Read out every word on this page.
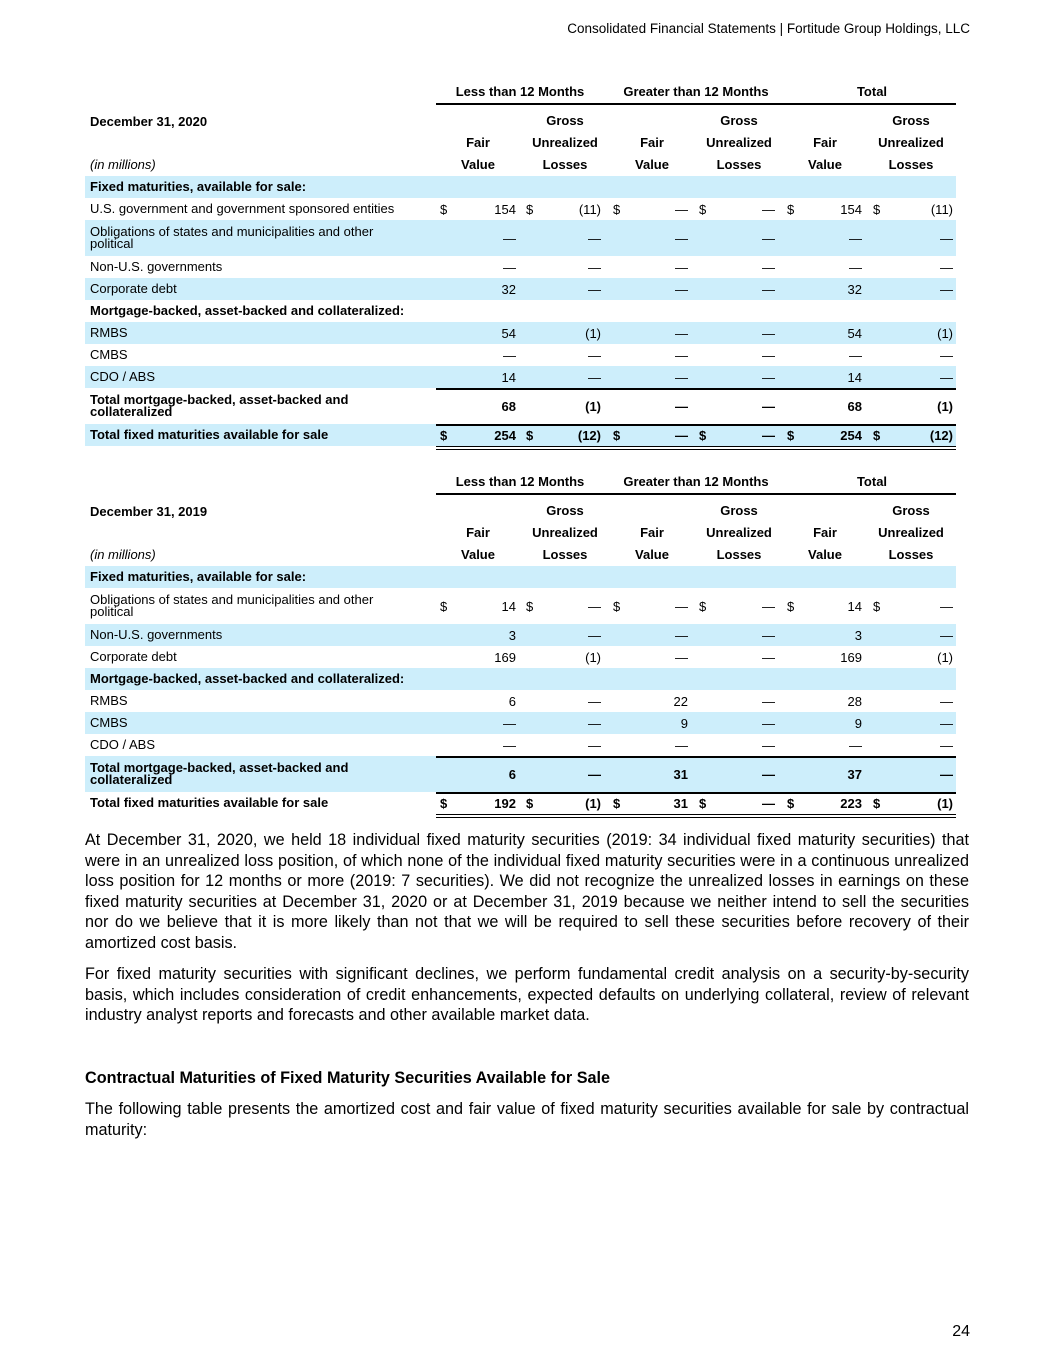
Consolidated Financial Statements | Fortitude Group Holdings, LLC
Less than 12 Months	Greater than 12 Months	Total
December 31, 2020
(in millions)
Fair
Value
Gross
Unrealized
Losses
Fair
Value
Gross
Unrealized
Losses
Fair
Value
Gross
Unrealized
Losses
Fixed maturities, available for sale:
U.S. government and government sponsored entities	$	154 $	(11) $	— $	— $	154 $	(11)
Obligations of states and municipalities and other political	—	—	—	—	—	—
Non-U.S. governments	—	—	—	—	—	—
Corporate debt	32	—	—	—	32	—
Mortgage-backed, asset-backed and collateralized:
RMBS	54	(1)	—	—	54	(1)
CMBS	—	—	—	—	—	—
CDO / ABS	14	—	—	—	14	—
Total mortgage-backed, asset-backed and collateralized	68	(1)	—	—	68	(1)
Total fixed maturities available for sale	$	254 $	(12) $	— $	— $	254 $	(12)
Less than 12 Months	Greater than 12 Months	Total
December 31, 2019
(in millions)
Fair
Value
Gross
Unrealized
Losses
Fair
Value
Gross
Unrealized
Losses
Fair
Value
Gross
Unrealized
Losses
Fixed maturities, available for sale:
Obligations of states and municipalities and other political	$	14 $	— $	— $	— $	14 $	—
Non-U.S. governments	3	—	—	—	3	—
Corporate debt	169	(1)	—	—	169	(1)
Mortgage-backed, asset-backed and collateralized:
RMBS	6	—	22	—	28	—
CMBS	—	—	9	—	9	—
CDO / ABS	—	—	—	—	—	—
Total mortgage-backed, asset-backed and collateralized	6	—	31	—	37	—
Total fixed maturities available for sale	$	192 $	(1) $	31 $	— $	223 $	(1)
At December 31, 2020, we held 18 individual fixed maturity securities (2019: 34 individual fixed maturity securities) that were in an unrealized loss position, of which none of the individual fixed maturity securities were in a continuous unrealized loss position for 12 months or more (2019: 7 securities). We did not recognize the unrealized losses in earnings on these fixed maturity securities at December 31, 2020 or at December 31, 2019 because we neither intend to sell the securities nor do we believe that it is more likely than not that we will be required to sell these securities before recovery of their amortized cost basis.
For fixed maturity securities with significant declines, we perform fundamental credit analysis on a security-by-security basis, which includes consideration of credit enhancements, expected defaults on underlying collateral, review of relevant industry analyst reports and forecasts and other available market data.
Contractual Maturities of Fixed Maturity Securities Available for Sale
The following table presents the amortized cost and fair value of fixed maturity securities available for sale by contractual maturity:
24
